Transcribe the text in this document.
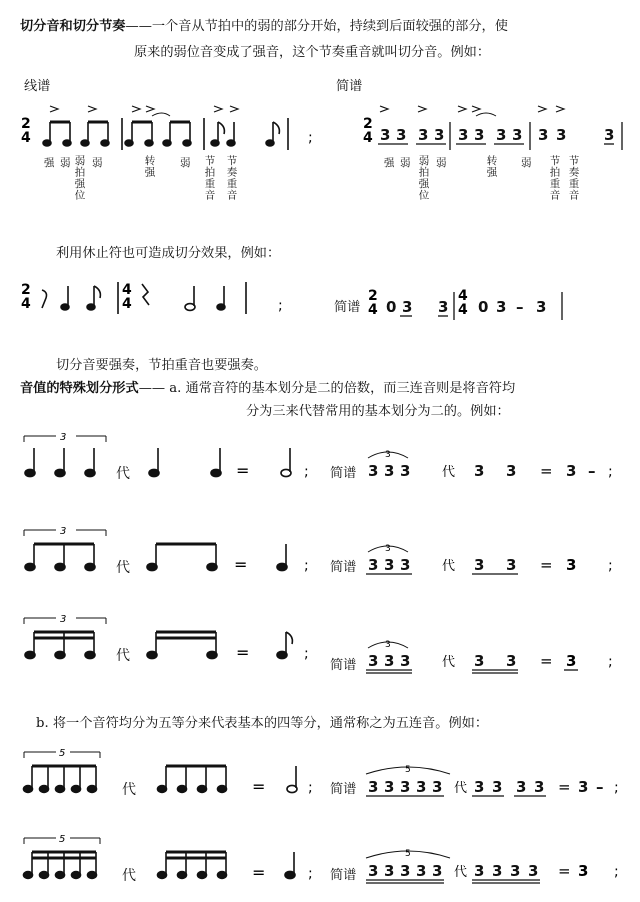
切分音和切分节奏——一个音从节拍中的弱的部分开始，持续到后面较强的部分，使
原来的弱位音变成了强音，这个节奏重音就叫切分音。例如：
线谱	简谱
2
4	;
强 弱 弱拍强位 弱	转强 弱 节拍重音 节奏重音
2
4 3 3 3 3 3 3 3 3 3 3	3
强 弱 弱拍强位 弱	转强 弱 节拍重音 节奏重音
利用休止符也可造成切分效果，例如：
2
4
4
4	;	简谱
2
4 0 3 3
4
4 0 3 – 3
切分音要强奏，节拍重音也要强奏。
音值的特殊划分形式—— a. 通常音符的基本划分是二的倍数，而三连音则是将音符均
分为三来代替常用的基本划分为二的。例如：
3
代	=	; 简谱
3
3 3 3 代 3 3 = 3 – ;
3
代	=	; 简谱
3
3 3 3 代 3 3 = 3 ;
3
代	=	;
简谱
3
3 3 3 代 3 3 = 3 ;
b. 将一个音符均分为五等分来代表基本的四等分，通常称之为五连音。例如：
5
代	=	; 简谱
5
3 3 3 3 3 代 3 3 3 3 = 3 – ;
5
代	=	; 简谱
5
3 3 3 3 3 代 3 3 3 3 = 3 ;
